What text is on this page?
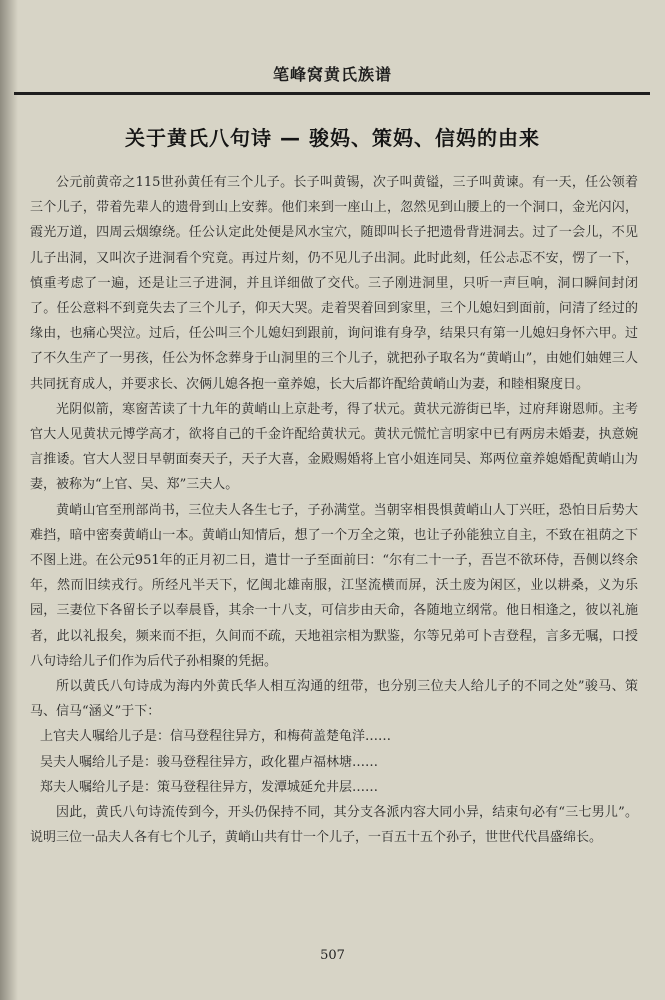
笔峰窝黄氏族谱
关于黄氏八句诗 — 骏妈、策妈、信妈的由来

公元前黄帝之115世孙黄任有三个儿子。长子叫黄锡，次子叫黄镒，三子叫黄谏。有一天，任公领着三个儿子，带着先辈人的遗骨到山上安葬。他们来到一座山上，忽然见到山腰上的一个洞口，金光闪闪，霞光万道，四周云烟缭绕。任公认定此处便是风水宝穴，随即叫长子把遗骨背进洞去。过了一会儿，不见儿子出洞，又叫次子进洞看个究竟。再过片刻，仍不见儿子出洞。此时此刻，任公忐忑不安，愣了一下，慎重考虑了一遍，还是让三子进洞，并且详细做了交代。三子刚进洞里，只听一声巨响，洞口瞬间封闭了。任公意料不到竟失去了三个儿子，仰天大哭。走着哭着回到家里，三个儿媳妇到面前，问清了经过的缘由，也痛心哭泣。过后，任公叫三个儿媳妇到跟前，询问谁有身孕，结果只有第一儿媳妇身怀六甲。过了不久生产了一男孩，任公为怀念葬身于山洞里的三个儿子，就把孙子取名为“黄峭山”，由她们妯娌三人共同抚育成人，并要求长、次俩儿媳各抱一童养媳，长大后都许配给黄峭山为妻，和睦相聚度日。

光阴似箭，寒窗苦读了十九年的黄峭山上京赴考，得了状元。黄状元游街已毕，过府拜谢恩师。主考官大人见黄状元博学高才，欲将自己的千金许配给黄状元。黄状元慌忙言明家中已有两房未婚妻，执意婉言推诿。官大人翌日早朝面奏天子，天子大喜，金殿赐婚将上官小姐连同吴、郑两位童养媳婚配黄峭山为妻，被称为“上官、吴、郑”三夫人。

黄峭山官至刑部尚书，三位夫人各生七子，子孙满堂。当朝宰相畏惧黄峭山人丁兴旺，恐怕日后势大难挡，暗中密奏黄峭山一本。黄峭山知情后，想了一个万全之策，也让子孙能独立自主，不致在祖荫之下不图上进。在公元951年的正月初二日，遣廿一子至面前曰：“尔有二十一子，吾岂不欲环侍，吾侧以终余年，然而旧续戎行。所经凡半天下，忆闽北雄南服，江坚流横而屏，沃土废为闲区，业以耕桑，义为乐园，三妻位下各留长子以奉晨昏，其余一十八支，可信步由天命，各随地立纲常。他日相逢之，彼以礼施者，此以礼报矣，频来而不拒，久间而不疏，天地祖宗相为默鉴，尔等兄弟可卜吉登程，言多无嘱，口授八句诗给儿子们作为后代子孙相聚的凭据。

所以黄氏八句诗成为海内外黄氏华人相互沟通的纽带，也分别三位夫人给儿子的不同之处”骏马、策马、信马“涵义”于下：

上官夫人嘱给儿子是：信马登程往异方，和梅荷盖楚龟洋……

吴夫人嘱给儿子是：骏马登程往异方，政化瞿卢福林塘……

郑夫人嘱给儿子是：策马登程往异方，发潭城延允井层……

因此，黄氏八句诗流传到今，开头仍保持不同，其分支各派内容大同小异，结束句必有“三七男儿”。说明三位一品夫人各有七个儿子，黄峭山共有廿一个儿子，一百五十五个孙子，世世代代昌盛绵长。

507
